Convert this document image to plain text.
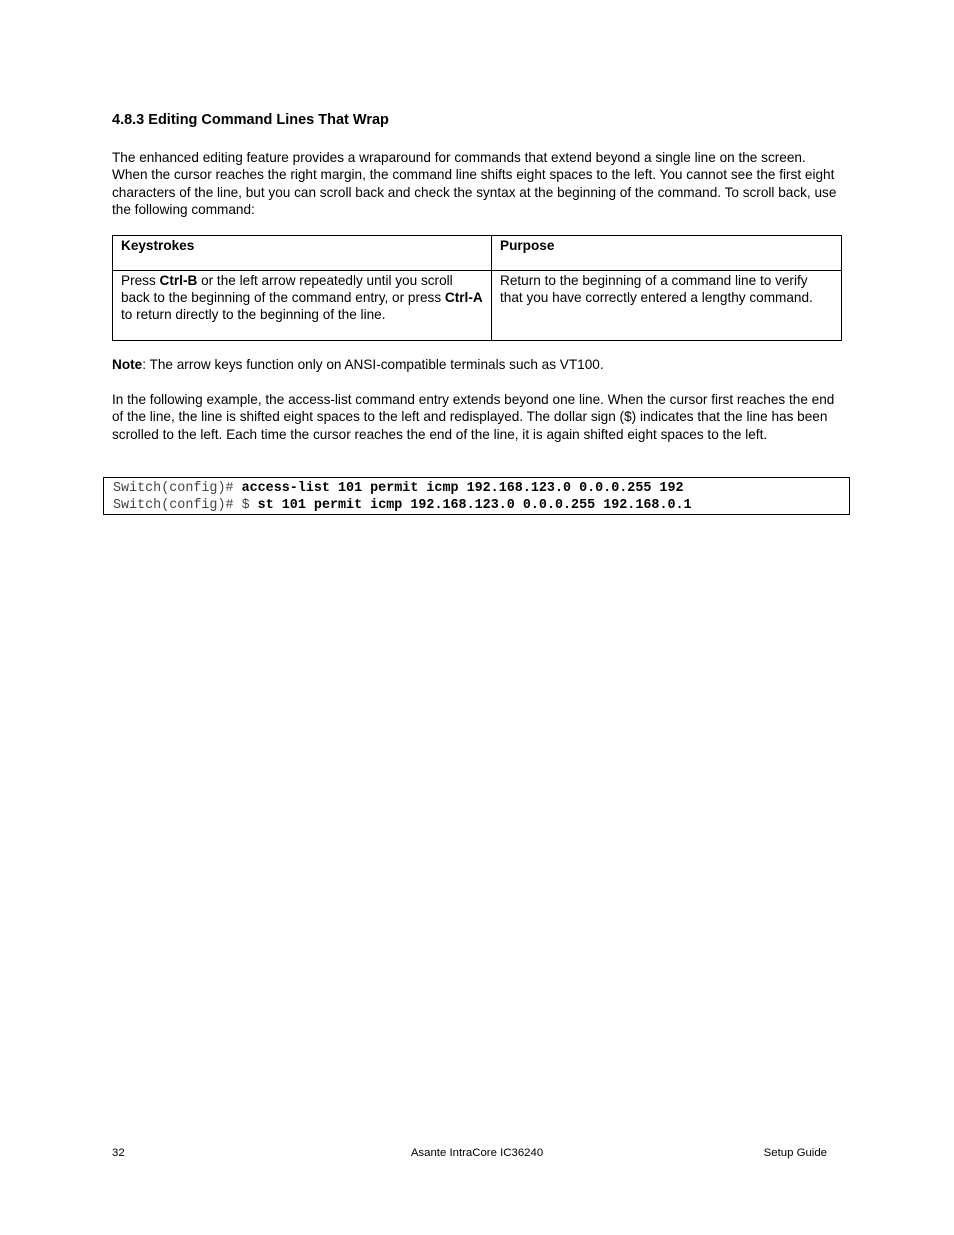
4.8.3 Editing Command Lines That Wrap

The enhanced editing feature provides a wraparound for commands that extend beyond a single line on the screen. When the cursor reaches the right margin, the command line shifts eight spaces to the left. You cannot see the first eight characters of the line, but you can scroll back and check the syntax at the beginning of the command. To scroll back, use the following command:

Keystrokes	Purpose
Press Ctrl-B or the left arrow repeatedly until you scroll back to the beginning of the command entry, or press Ctrl-A to return directly to the beginning of the line.	Return to the beginning of a command line to verify that you have correctly entered a lengthy command.

Note: The arrow keys function only on ANSI-compatible terminals such as VT100.

In the following example, the access-list command entry extends beyond one line. When the cursor first reaches the end of the line, the line is shifted eight spaces to the left and redisplayed. The dollar sign ($) indicates that the line has been scrolled to the left. Each time the cursor reaches the end of the line, it is again shifted eight spaces to the left.

Switch(config)# access-list 101 permit icmp 192.168.123.0 0.0.0.255 192
Switch(config)# $ st 101 permit icmp 192.168.123.0 0.0.0.255 192.168.0.1
32	Asante IntraCore IC36240	Setup Guide
